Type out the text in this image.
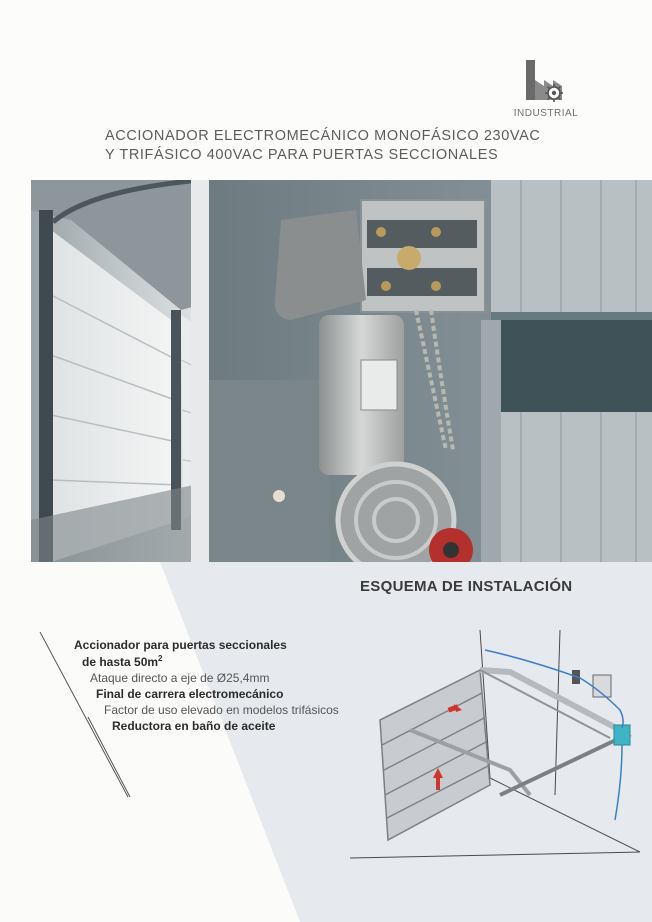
INDUSTRIAL
ACCIONADOR ELECTROMECÁNICO MONOFÁSICO 230VAC
Y TRIFÁSICO 400VAC PARA PUERTAS SECCIONALES
ESQUEMA DE INSTALACIÓN
Accionador para puertas seccionales
de hasta $50m^2$
Ataque directo a eje de Ø25,4mm
Final de carrera electromecánico
Factor de uso elevado en modelos trifásicos
Reductora en baño de aceite
